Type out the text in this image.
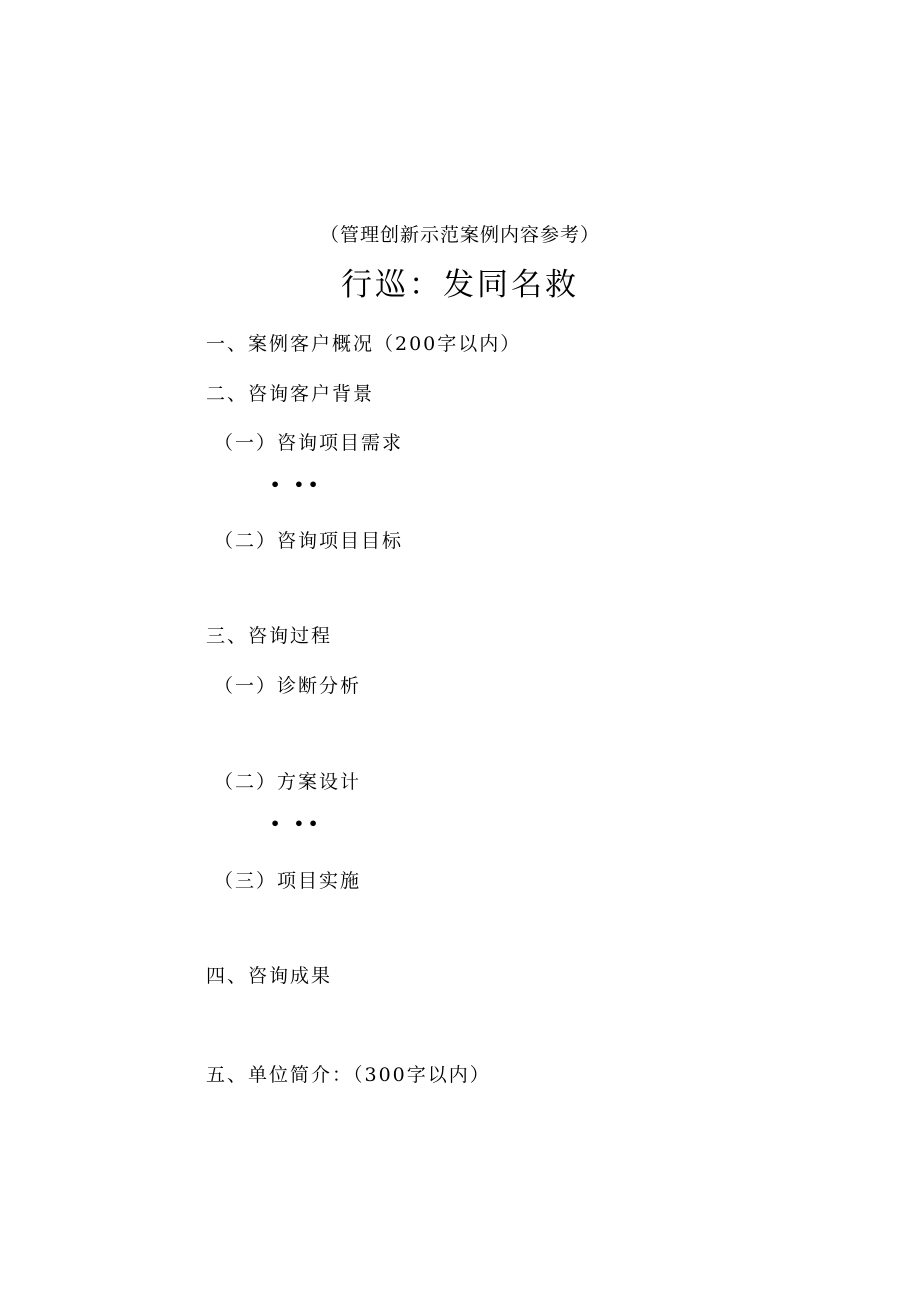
（管理创新示范案例内容参考）
行巡：发同名救
一、案例客户概况（200字以内）
二、咨询客户背景
（一）咨询项目需求
• ••
（二）咨询项目目标
三、咨询过程
（一）诊断分析
（二）方案设计
• ••
（三）项目实施
四、咨询成果
五、单位简介：（300字以内）
